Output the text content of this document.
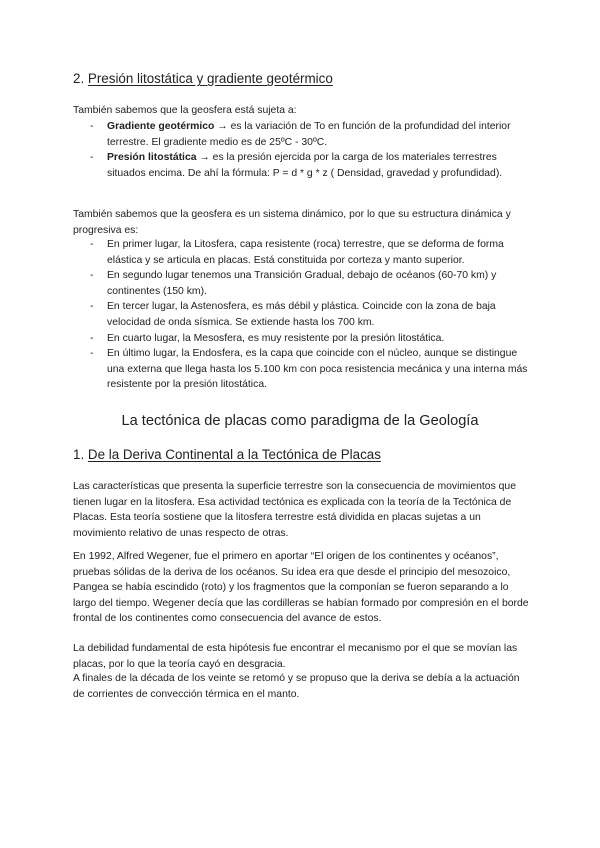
2. Presión litostática y gradiente geotérmico
También sabemos que la geosfera está sujeta a:
- Gradiente geotérmico → es la variación de To en función de la profundidad del interior terrestre. El gradiente medio es de 25ºC - 30ºC.
- Presión litostática → es la presión ejercida por la carga de los materiales terrestres situados encima. De ahí la fórmula: P = d * g * z ( Densidad, gravedad y profundidad).
También sabemos que la geosfera es un sistema dinámico, por lo que su estructura dinámica y progresiva es:
- En primer lugar, la Litosfera, capa resistente (roca) terrestre, que se deforma de forma elástica y se articula en placas. Está constituida por corteza y manto superior.
- En segundo lugar tenemos una Transición Gradual, debajo de océanos (60-70 km) y continentes (150 km).
- En tercer lugar, la Astenosfera, es más débil y plástica. Coincide con la zona de baja velocidad de onda sísmica. Se extiende hasta los 700 km.
- En cuarto lugar, la Mesosfera, es muy resistente por la presión litostática.
- En último lugar, la Endosfera, es la capa que coincide con el núcleo, aunque se distingue una externa que llega hasta los 5.100 km con poca resistencia mecánica y una interna más resistente por la presión litostática.
La tectónica de placas como paradigma de la Geología
1. De la Deriva Continental a la Tectónica de Placas
Las características que presenta la superficie terrestre son la consecuencia de movimientos que tienen lugar en la litosfera. Esa actividad tectónica es explicada con la teoría de la Tectónica de Placas. Esta teoría sostiene que la litosfera terrestre está dividida en placas sujetas a un movimiento relativo de unas respecto de otras.
En 1992, Alfred Wegener, fue el primero en aportar “El origen de los continentes y océanos”, pruebas sólidas de la deriva de los océanos. Su idea era que desde el principio del mesozoico, Pangea se había escindido (roto) y los fragmentos que la componían se fueron separando a lo largo del tiempo. Wegener decía que las cordilleras se habían formado por compresión en el borde frontal de los continentes como consecuencia del avance de estos.
La debilidad fundamental de esta hipótesis fue encontrar el mecanismo por el que se movían las placas, por lo que la teoría cayó en desgracia.
A finales de la década de los veinte se retomó y se propuso que la deriva se debía a la actuación de corrientes de convección térmica en el manto.
